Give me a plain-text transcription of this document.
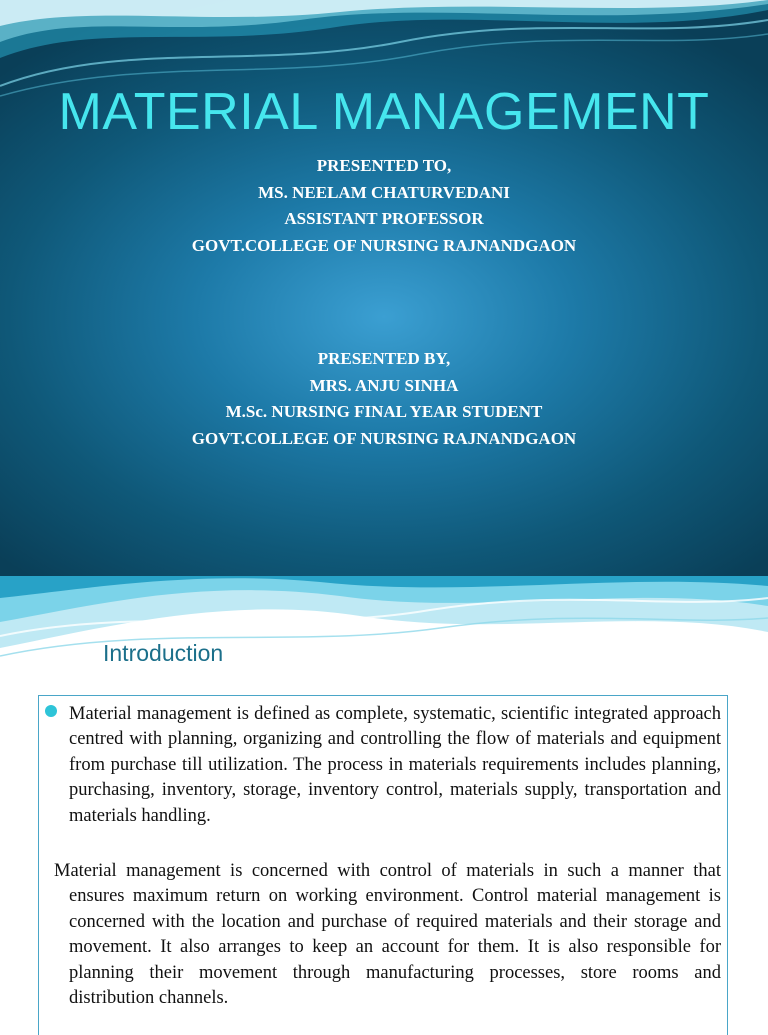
MATERIAL MANAGEMENT
PRESENTED TO,
MS. NEELAM CHATURVEDANI
ASSISTANT PROFESSOR
GOVT.COLLEGE OF NURSING RAJNANDGAON
PRESENTED BY,
MRS. ANJU SINHA
M.Sc. NURSING FINAL YEAR STUDENT
GOVT.COLLEGE OF NURSING RAJNANDGAON
Introduction

Material management is defined as complete, systematic, scientific integrated approach centred with planning, organizing and controlling the flow of materials and equipment from purchase till utilization. The process in materials requirements includes planning, purchasing, inventory, storage, inventory control, materials supply, transportation and materials handling.

Material management is concerned with control of materials in such a manner that ensures maximum return on working environment. Control material management is concerned with the location and purchase of required materials and their storage and movement. It also arranges to keep an account for them. It is also responsible for planning their movement through manufacturing processes, store rooms and distribution channels.
